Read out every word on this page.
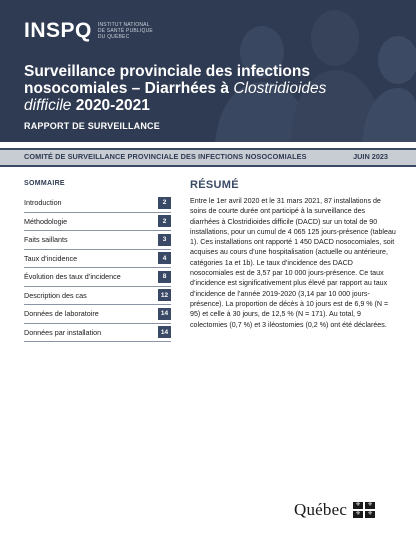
INSPQ INSTITUT NATIONAL
DE SANTÉ PUBLIQUE
DU QUÉBEC
Surveillance provinciale des infections
nosocomiales – Diarrhées à Clostridioides
difficile 2020-2021
RAPPORT DE SURVEILLANCE
COMITÉ DE SURVEILLANCE PROVINCIALE DES INFECTIONS NOSOCOMIALES	JUIN 2023
SOMMAIRE
Introduction	2
Méthodologie	2
Faits saillants	3
Taux d’incidence	4
Évolution des taux d’incidence	8
Description des cas	12
Données de laboratoire	14
Données par installation	14
RÉSUMÉ
Entre le 1er avril 2020 et le 31 mars 2021, 87 installations de soins de courte durée ont participé à la surveillance des diarrhées à Clostridioides difficile (DACD) sur un total de 90 installations, pour un cumul de 4 065 125 jours-présence (tableau 1). Ces installations ont rapporté 1 450 DACD nosocomiales, soit acquises au cours d’une hospitalisation (actuelle ou antérieure, catégories 1a et 1b). Le taux d’incidence des DACD nosocomiales est de 3,57 par 10 000 jours-présence. Ce taux d’incidence est significativement plus élevé par rapport au taux d’incidence de l’année 2019-2020 (3,14 par 10 000 jours-présence). La proportion de décès à 10 jours est de 6,9 % (N = 95) et celle à 30 jours, de 12,5 % (N = 171). Au total, 9 colectomies (0,7 %) et 3 iléostomies (0,2 %) ont été déclarées.
Québec	⚜	⚜
⚜	⚜
